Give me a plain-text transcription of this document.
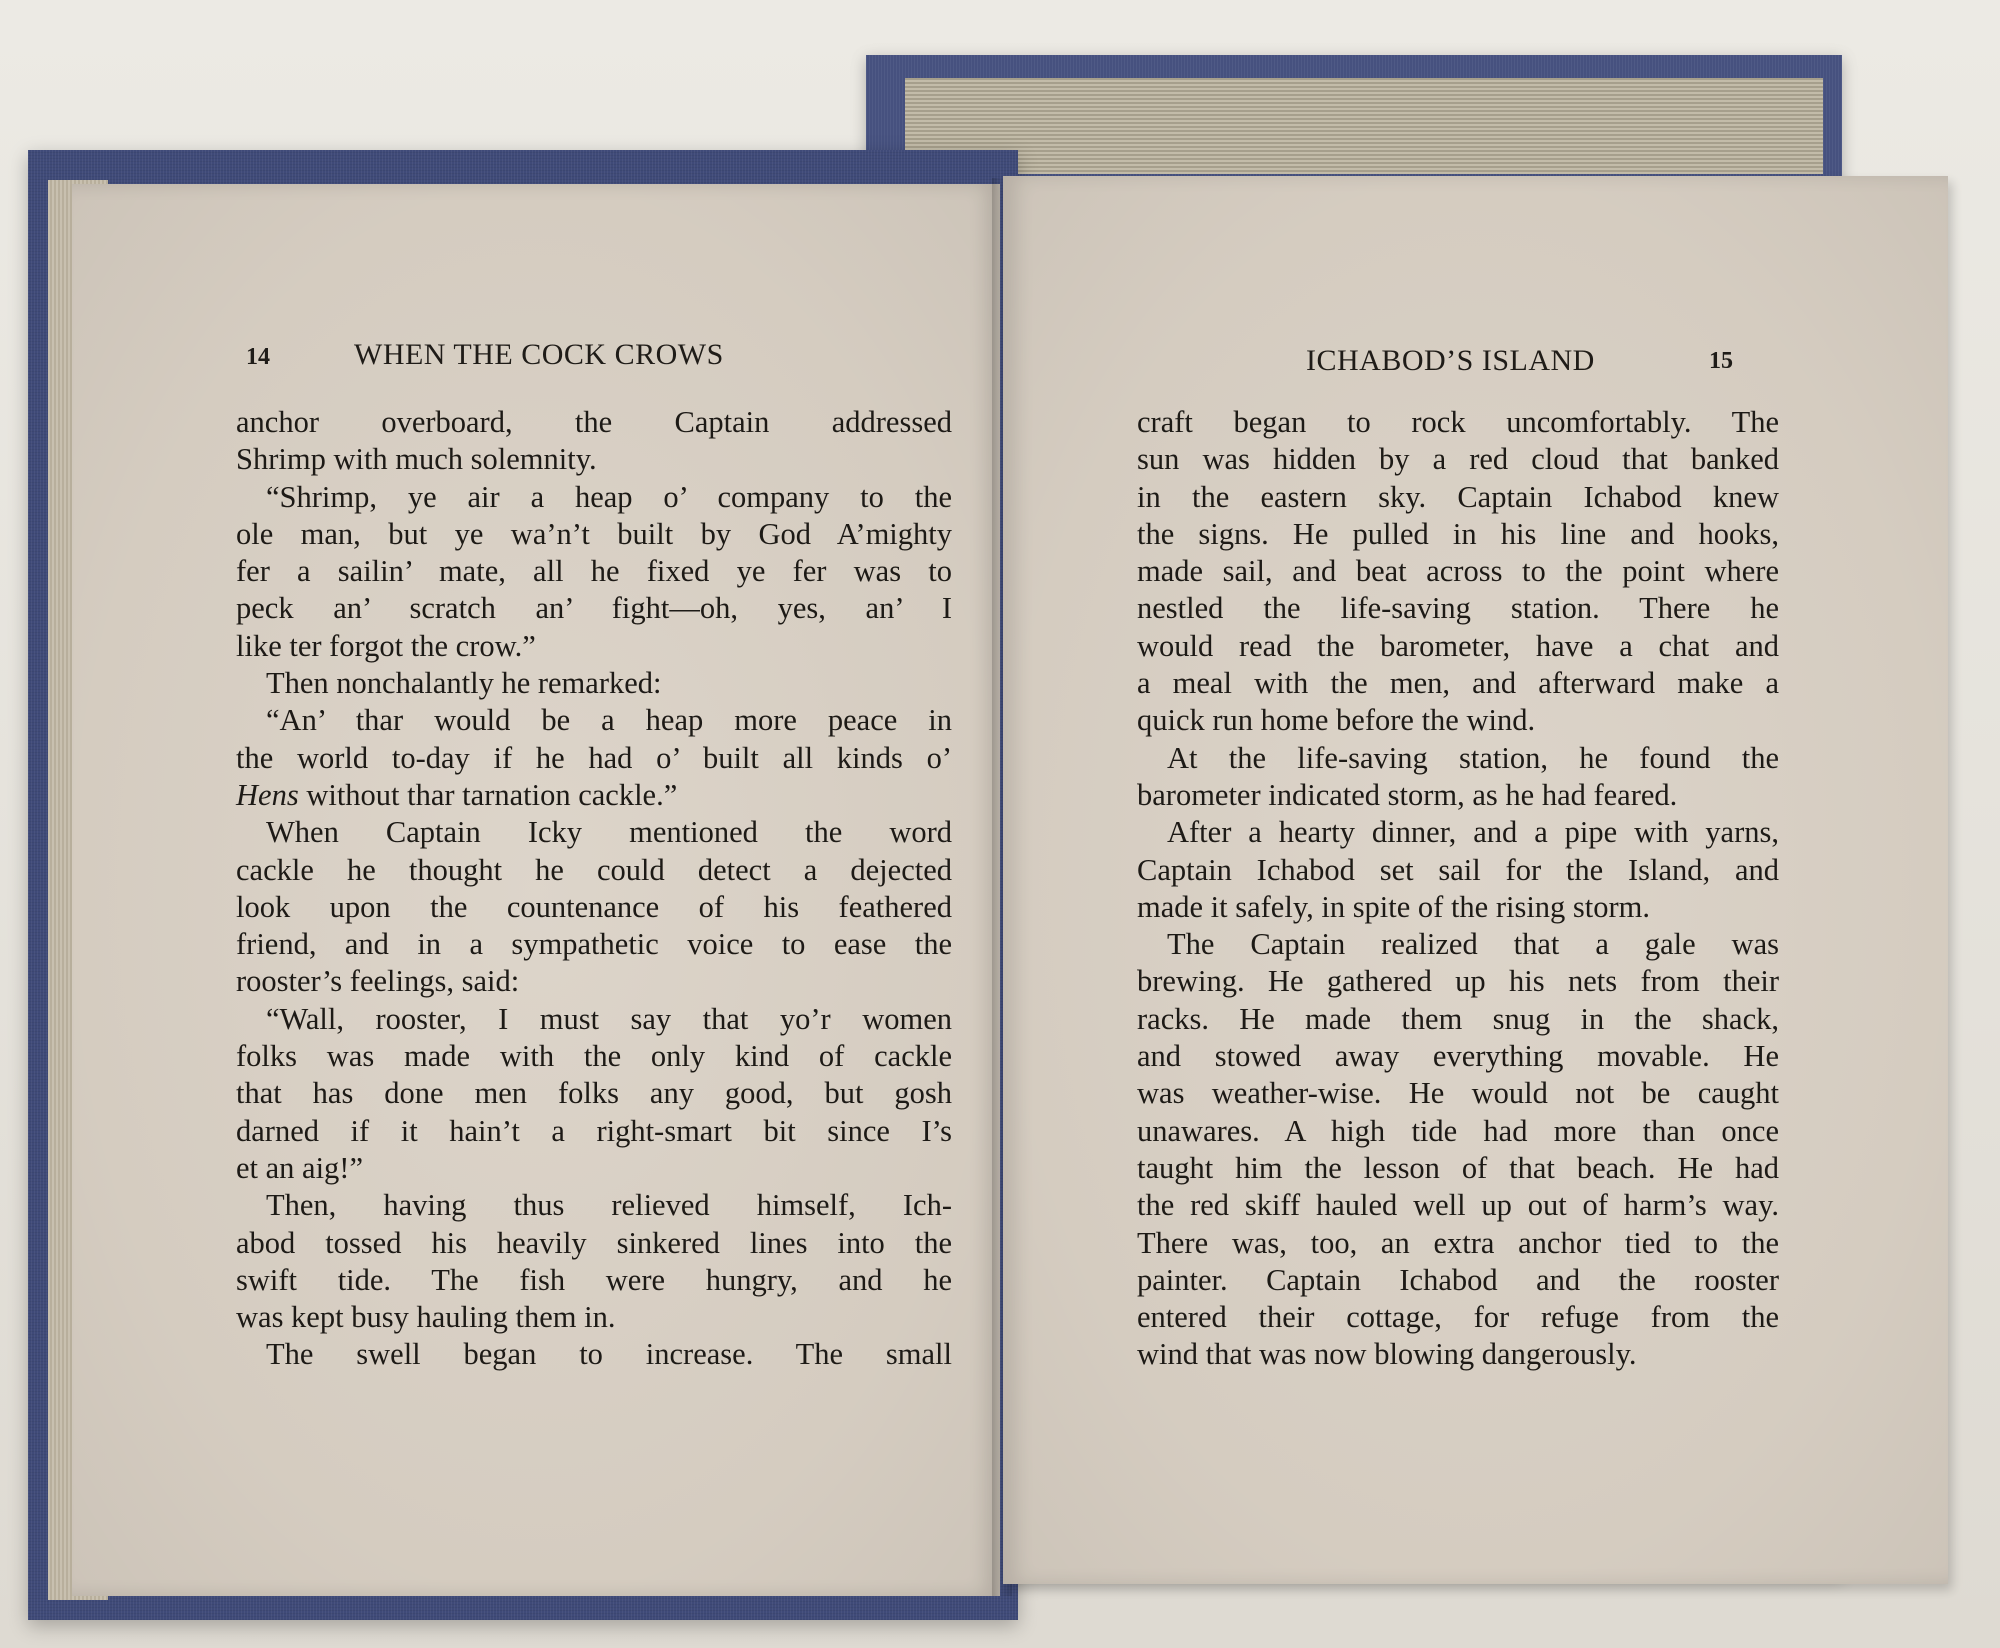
14	WHEN THE COCK CROWS

anchor overboard, the Captain addressed

Shrimp with much solemnity.

“Shrimp, ye air a heap o’ company to the

ole man, but ye wa’n’t built by God A’mighty

fer a sailin’ mate, all he fixed ye fer was to

peck an’ scratch an’ fight—oh, yes, an’ I

like ter forgot the crow.”

Then nonchalantly he remarked:

“An’ thar would be a heap more peace in

the world to-day if he had o’ built all kinds o’

Hens without thar tarnation cackle.”

When Captain Icky mentioned the word

cackle he thought he could detect a dejected

look upon the countenance of his feathered

friend, and in a sympathetic voice to ease the

rooster’s feelings, said:

“Wall, rooster, I must say that yo’r women

folks was made with the only kind of cackle

that has done men folks any good, but gosh

darned if it hain’t a right-smart bit since I’s

et an aig!”

Then, having thus relieved himself, Ich-

abod tossed his heavily sinkered lines into the

swift tide. The fish were hungry, and he

was kept busy hauling them in.

The swell began to increase. The small

ICHABOD’S ISLAND	15

craft began to rock uncomfortably. The

sun was hidden by a red cloud that banked

in the eastern sky. Captain Ichabod knew

the signs. He pulled in his line and hooks,

made sail, and beat across to the point where

nestled the life-saving station. There he

would read the barometer, have a chat and

a meal with the men, and afterward make a

quick run home before the wind.

At the life-saving station, he found the

barometer indicated storm, as he had feared.

After a hearty dinner, and a pipe with yarns,

Captain Ichabod set sail for the Island, and

made it safely, in spite of the rising storm.

The Captain realized that a gale was

brewing. He gathered up his nets from their

racks. He made them snug in the shack,

and stowed away everything movable. He

was weather-wise. He would not be caught

unawares. A high tide had more than once

taught him the lesson of that beach. He had

the red skiff hauled well up out of harm’s way.

There was, too, an extra anchor tied to the

painter. Captain Ichabod and the rooster

entered their cottage, for refuge from the

wind that was now blowing dangerously.
